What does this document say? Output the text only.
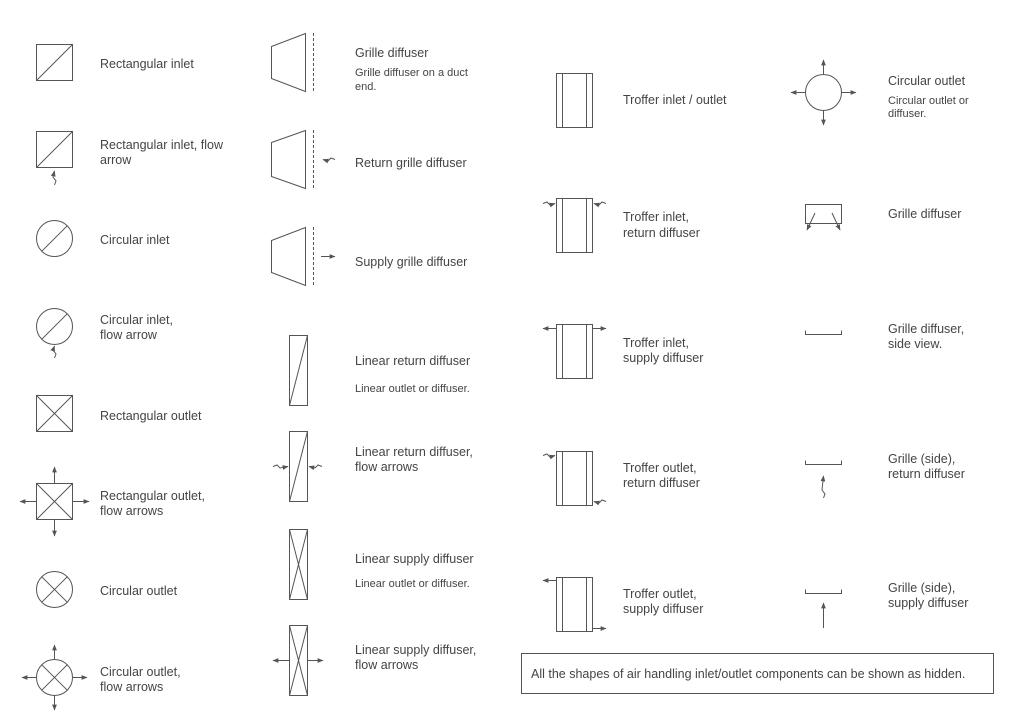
Rectangular inlet
Rectangular inlet, flow
arrow
Circular inlet
Circular inlet,
flow arrow
Rectangular outlet
Rectangular outlet,
flow arrows
Circular outlet
Circular outlet,
flow arrows
Grille diffuser
Grille diffuser on a duct
end.
Return grille diffuser
Supply grille diffuser
Linear return diffuser
Linear outlet or diffuser.
Linear return diffuser,
flow arrows
Linear supply diffuser
Linear outlet or diffuser.
Linear supply diffuser,
flow arrows
Troffer inlet / outlet
Troffer inlet,
return diffuser
Troffer inlet,
supply diffuser
Troffer outlet,
return diffuser
Troffer outlet,
supply diffuser
Circular outlet
Circular outlet or
diffuser.
Grille diffuser
Grille diffuser,
side view.
Grille (side),
return diffuser
Grille (side),
supply diffuser
All the shapes of air handling inlet/outlet components can be shown as hidden.
